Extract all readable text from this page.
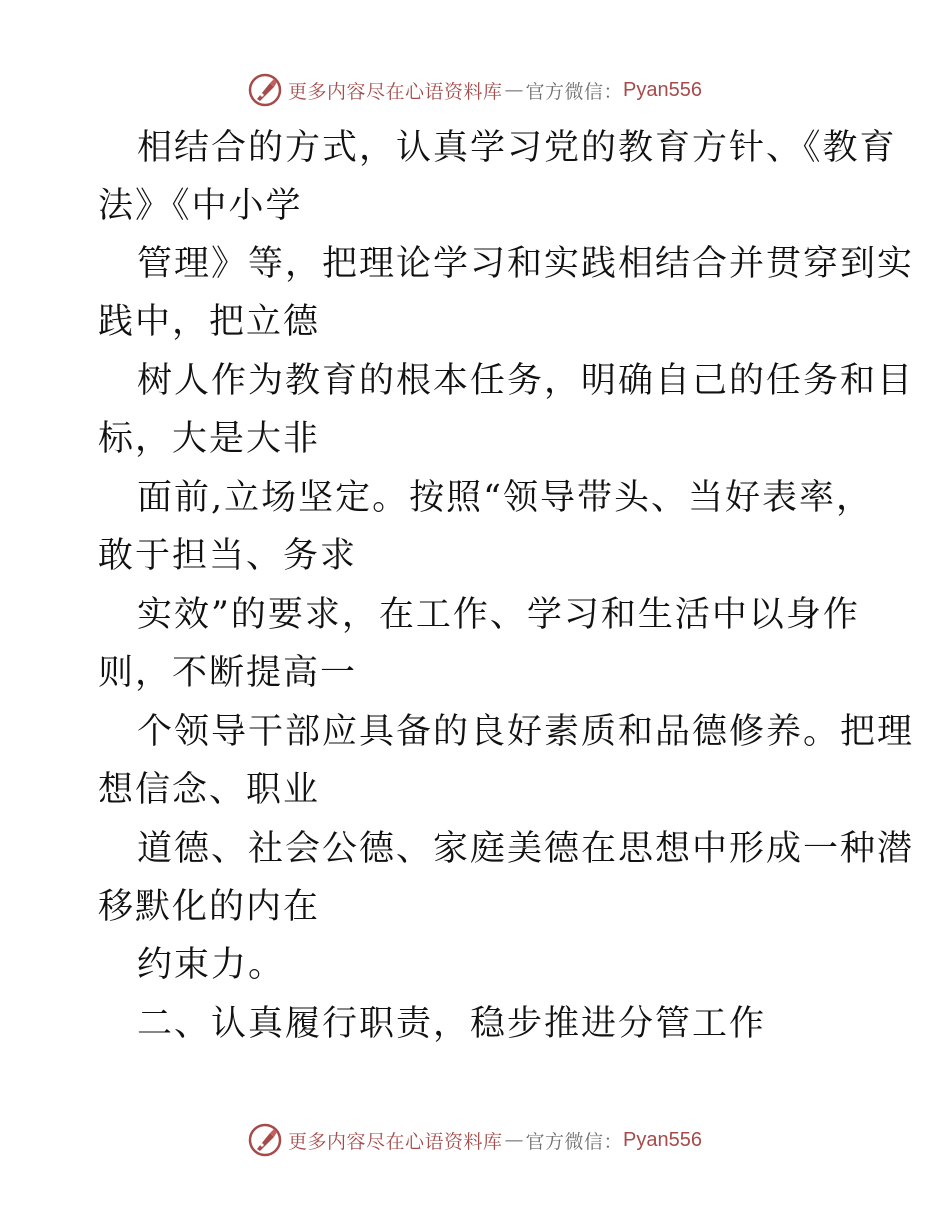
更多内容尽在心语资料库 — 官方微信： Pyan556
相结合的方式，认真学习党的教育方针、《教育
法》《中小学
管理》等，把理论学习和实践相结合并贯穿到实
践中，把立德
树人作为教育的根本任务，明确自己的任务和目
标，大是大非
面前,立场坚定。按照“领导带头、当好表率，
敢于担当、务求
实效”的要求，在工作、学习和生活中以身作
则，不断提高一
个领导干部应具备的良好素质和品德修养。把理
想信念、职业
道德、社会公德、家庭美德在思想中形成一种潜
移默化的内在
约束力。
二、认真履行职责，稳步推进分管工作
更多内容尽在心语资料库 — 官方微信： Pyan556
